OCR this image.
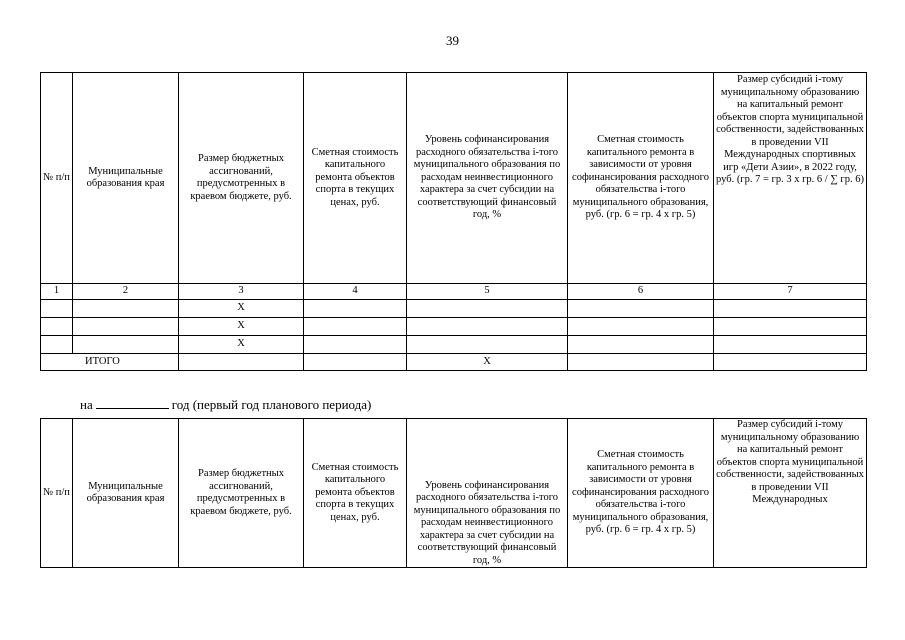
39
№ п/п	Муниципальные образования края	Размер бюджетных ассигнований, предусмотренных в краевом бюджете, руб.	Сметная стоимость капитального ремонта объектов спорта в текущих ценах, руб.	Уровень софинансирования расходного обязательства i-того муниципального образования по расходам неинвестиционного характера за счет субсидии на соответствующий финансовый год, %	Сметная стоимость капитального ремонта в зависимости от уровня софинансирования расходного обязательства i-того муниципального образования, руб. (гр. 6 = гр. 4 x гр. 5)	Размер субсидий i-тому муниципальному образованию на капитальный ремонт объектов спорта муниципальной собственности, задействованных в проведении VII Международных спортивных игр «Дети Азии», в 2022 году, руб. (гр. 7 = гр. 3 x гр. 6 / ∑ гр. 6)
1	2	3	4	5	6	7
		X				
		X				
		X				
ИТОГО				X		
на	год (первый год планового периода)
№ п/п	Муниципальные образования края	Размер бюджетных ассигнований, предусмотренных в краевом бюджете, руб.	Сметная стоимость капитального ремонта объектов спорта в текущих ценах, руб.	Уровень софинансирования расходного обязательства i-того муниципального образования по расходам неинвестиционного характера за счет субсидии на соответствующий финансовый год, %	Сметная стоимость капитального ремонта в зависимости от уровня софинансирования расходного обязательства i-того муниципального образования, руб. (гр. 6 = гр. 4 x гр. 5)	Размер субсидий i-тому муниципальному образованию на капитальный ремонт объектов спорта муниципальной собственности, задействованных в проведении VII Международных
